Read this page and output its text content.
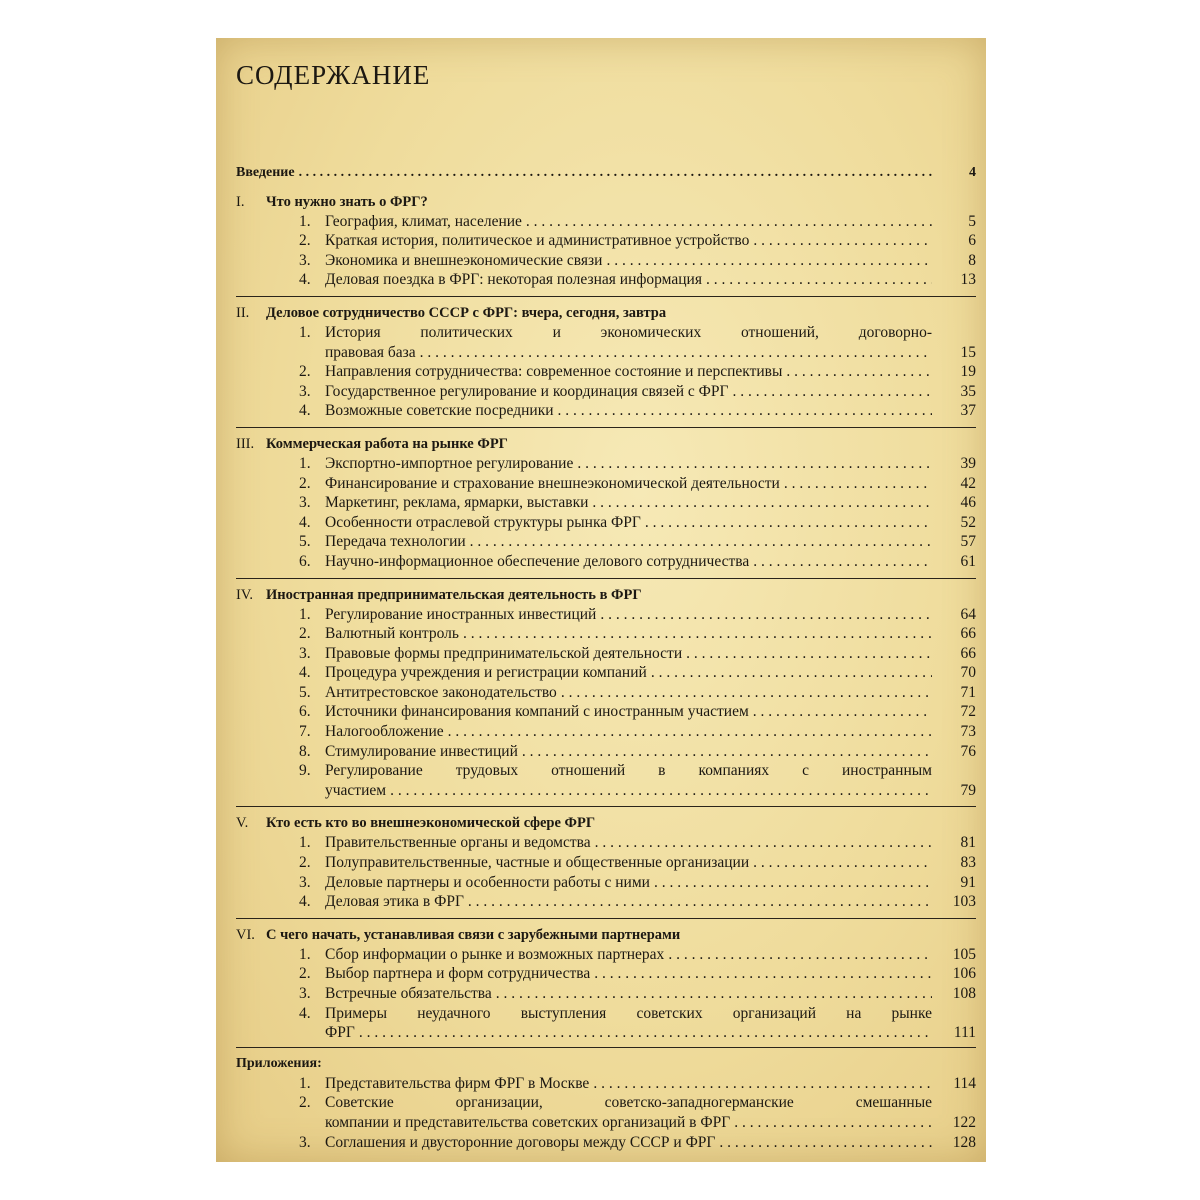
СОДЕРЖАНИЕ
Введение . . .	4
I. Что нужно знать о ФРГ?
1. География, климат, население . . .	5
2. Краткая история, политическое и административное устройство . . .	6
3. Экономика и внешнеэкономические связи . . .	8
4. Деловая поездка в ФРГ: некоторая полезная информация . . .	13
II. Деловое сотрудничество СССР с ФРГ: вчера, сегодня, завтра
1. История политических и экономических отношений, договорно-
правовая база . . .	15
2. Направления сотрудничества: современное состояние и перспективы . . .	19
3. Государственное регулирование и координация связей с ФРГ . . .	35
4. Возможные советские посредники . . .	37
III. Коммерческая работа на рынке ФРГ
1. Экспортно-импортное регулирование . . .	39
2. Финансирование и страхование внешнеэкономической деятельности . . .	42
3. Маркетинг, реклама, ярмарки, выставки . . .	46
4. Особенности отраслевой структуры рынка ФРГ . . .	52
5. Передача технологии . . .	57
6. Научно-информационное обеспечение делового сотрудничества . . .	61
IV. Иностранная предпринимательская деятельность в ФРГ
1. Регулирование иностранных инвестиций . . .	64
2. Валютный контроль . . .	66
3. Правовые формы предпринимательской деятельности . . .	66
4. Процедура учреждения и регистрации компаний . . .	70
5. Антитрестовское законодательство . . .	71
6. Источники финансирования компаний с иностранным участием . . .	72
7. Налогообложение . . .	73
8. Стимулирование инвестиций . . .	76
9. Регулирование трудовых отношений в компаниях с иностранным
участием . . .	79
V. Кто есть кто во внешнеэкономической сфере ФРГ
1. Правительственные органы и ведомства . . .	81
2. Полуправительственные, частные и общественные организации . . .	83
3. Деловые партнеры и особенности работы с ними . . .	91
4. Деловая этика в ФРГ . . .	103
VI. С чего начать, устанавливая связи с зарубежными партнерами
1. Сбор информации о рынке и возможных партнерах . . .	105
2. Выбор партнера и форм сотрудничества . . .	106
3. Встречные обязательства . . .	108
4. Примеры неудачного выступления советских организаций на рынке
ФРГ . . .	111
Приложения:
1. Представительства фирм ФРГ в Москве . . .	114
2. Советские организации, советско-западногерманские смешанные
компании и представительства советских организаций в ФРГ . . .	122
3. Соглашения и двусторонние договоры между СССР и ФРГ . . .	128
